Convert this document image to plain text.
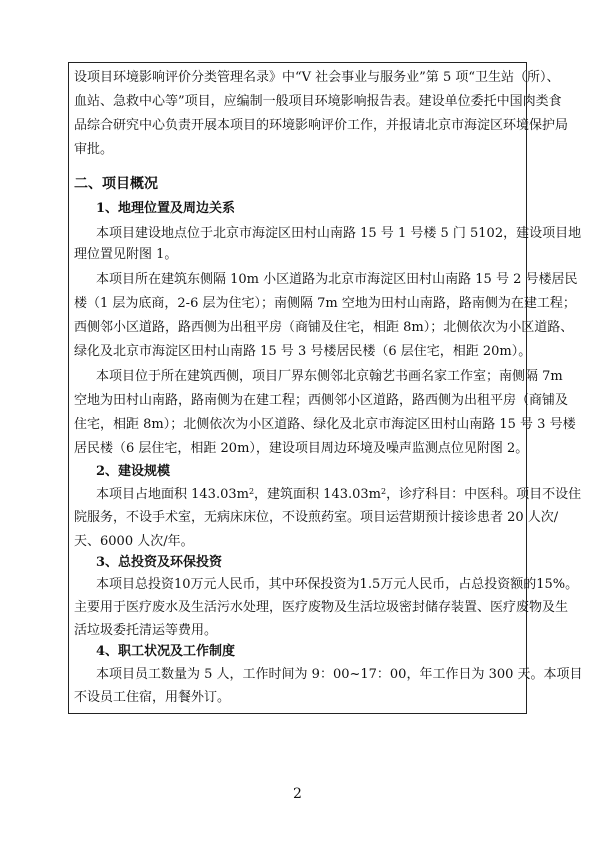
设项目环境影响评价分类管理名录》中“V 社会事业与服务业”第 5 项“卫生站（所）、
血站、急救中心等”项目，应编制一般项目环境影响报告表。建设单位委托中国肉类食
品综合研究中心负责开展本项目的环境影响评价工作，并报请北京市海淀区环境保护局
审批。
二、项目概况
1、地理位置及周边关系
本项目建设地点位于北京市海淀区田村山南路 15 号 1 号楼 5 门 5102，建设项目地
理位置见附图 1。
本项目所在建筑东侧隔 10m 小区道路为北京市海淀区田村山南路 15 号 2 号楼居民
楼（1 层为底商，2-6 层为住宅）；南侧隔 7m 空地为田村山南路，路南侧为在建工程；
西侧邻小区道路，路西侧为出租平房（商铺及住宅，相距 8m）；北侧依次为小区道路、
绿化及北京市海淀区田村山南路 15 号 3 号楼居民楼（6 层住宅，相距 20m）。
本项目位于所在建筑西侧，项目厂界东侧邻北京翰艺书画名家工作室；南侧隔 7m
空地为田村山南路，路南侧为在建工程；西侧邻小区道路，路西侧为出租平房（商铺及
住宅，相距 8m）；北侧依次为小区道路、绿化及北京市海淀区田村山南路 15 号 3 号楼
居民楼（6 层住宅，相距 20m），建设项目周边环境及噪声监测点位见附图 2。
2、建设规模
本项目占地面积 $143.03m^2$，建筑面积 $143.03m^2$，诊疗科目：中医科。项目不设住
院服务，不设手术室，无病床床位，不设煎药室。项目运营期预计接诊患者 20 人次/
天、6000 人次/年。
3、总投资及环保投资
本项目总投资10万元人民币，其中环保投资为1.5万元人民币，占总投资额的15%。
主要用于医疗废水及生活污水处理，医疗废物及生活垃圾密封储存装置、医疗废物及生
活垃圾委托清运等费用。
4、职工状况及工作制度
本项目员工数量为 5 人，工作时间为 9：00~17：00，年工作日为 300 天。本项目
不设员工住宿，用餐外订。
2
